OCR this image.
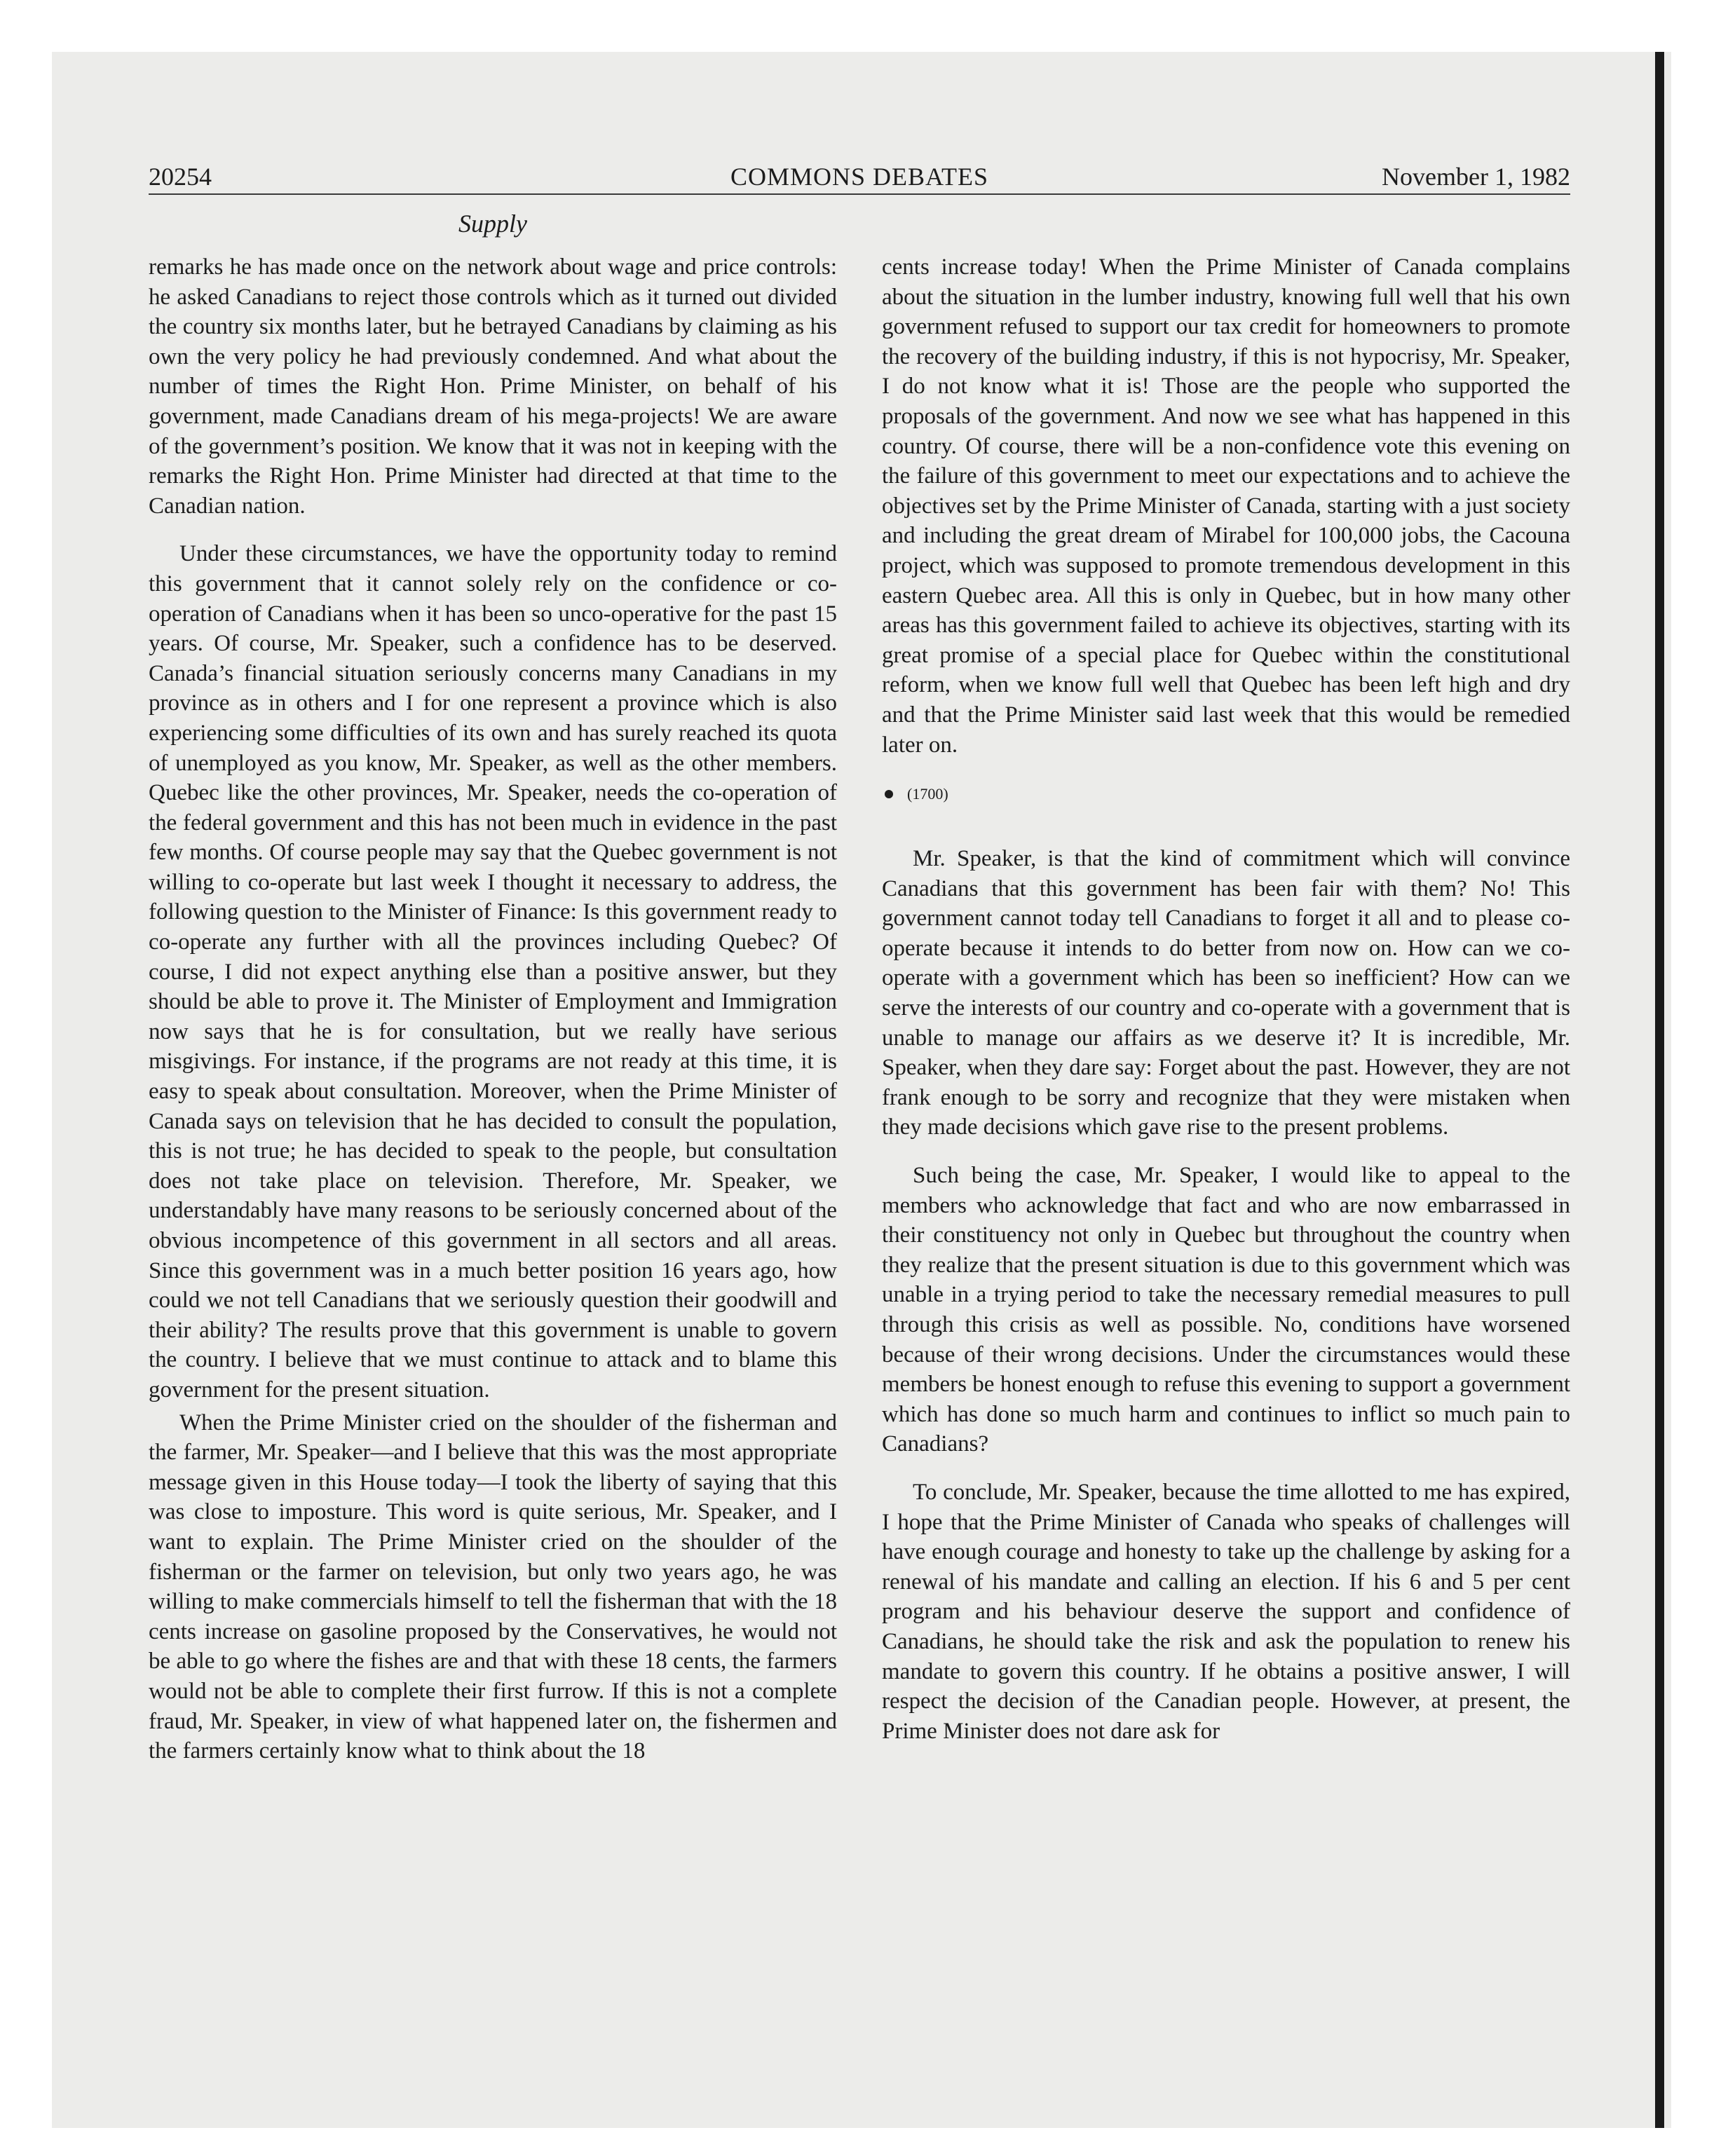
20254	COMMONS DEBATES	November 1, 1982
Supply

remarks he has made once on the network about wage and price controls: he asked Canadians to reject those controls which as it turned out divided the country six months later, but he betrayed Canadians by claiming as his own the very policy he had previously condemned. And what about the number of times the Right Hon. Prime Minister, on behalf of his government, made Canadians dream of his mega-projects! We are aware of the government’s position. We know that it was not in keeping with the remarks the Right Hon. Prime Minister had directed at that time to the Canadian nation.

Under these circumstances, we have the opportunity today to remind this government that it cannot solely rely on the confidence or co-operation of Canadians when it has been so unco-operative for the past 15 years. Of course, Mr. Speaker, such a confidence has to be deserved. Canada’s financial situation seriously concerns many Canadians in my province as in others and I for one represent a province which is also experiencing some difficulties of its own and has surely reached its quota of unemployed as you know, Mr. Speaker, as well as the other members. Quebec like the other provinces, Mr. Speaker, needs the co-operation of the federal government and this has not been much in evidence in the past few months. Of course people may say that the Quebec government is not willing to co-operate but last week I thought it necessary to address, the following question to the Minister of Finance: Is this government ready to co-operate any further with all the provinces including Quebec? Of course, I did not expect anything else than a positive answer, but they should be able to prove it. The Minister of Employment and Immigration now says that he is for consultation, but we really have serious misgivings. For instance, if the programs are not ready at this time, it is easy to speak about consultation. Moreover, when the Prime Minister of Canada says on television that he has decided to consult the population, this is not true; he has decided to speak to the people, but consultation does not take place on television. Therefore, Mr. Speaker, we understandably have many reasons to be seriously concerned about of the obvious incompetence of this government in all sectors and all areas. Since this government was in a much better position 16 years ago, how could we not tell Canadians that we seriously question their goodwill and their ability? The results prove that this government is unable to govern the country. I believe that we must continue to attack and to blame this government for the present situation.

When the Prime Minister cried on the shoulder of the fisherman and the farmer, Mr. Speaker—and I believe that this was the most appropriate message given in this House today—I took the liberty of saying that this was close to imposture. This word is quite serious, Mr. Speaker, and I want to explain. The Prime Minister cried on the shoulder of the fisherman or the farmer on television, but only two years ago, he was willing to make commercials himself to tell the fisherman that with the 18 cents increase on gasoline proposed by the Conservatives, he would not be able to go where the fishes are and that with these 18 cents, the farmers would not be able to complete their first furrow. If this is not a complete fraud, Mr. Speaker, in view of what happened later on, the fishermen and the farmers certainly know what to think about the 18

cents increase today! When the Prime Minister of Canada complains about the situation in the lumber industry, knowing full well that his own government refused to support our tax credit for homeowners to promote the recovery of the building industry, if this is not hypocrisy, Mr. Speaker, I do not know what it is! Those are the people who supported the proposals of the government. And now we see what has happened in this country. Of course, there will be a non-confidence vote this evening on the failure of this government to meet our expectations and to achieve the objectives set by the Prime Minister of Canada, starting with a just society and including the great dream of Mirabel for 100,000 jobs, the Cacouna project, which was supposed to promote tremendous development in this eastern Quebec area. All this is only in Quebec, but in how many other areas has this government failed to achieve its objectives, starting with its great promise of a special place for Quebec within the constitutional reform, when we know full well that Quebec has been left high and dry and that the Prime Minister said last week that this would be remedied later on.

(1700)

Mr. Speaker, is that the kind of commitment which will convince Canadians that this government has been fair with them? No! This government cannot today tell Canadians to forget it all and to please co-operate because it intends to do better from now on. How can we co-operate with a government which has been so inefficient? How can we serve the interests of our country and co-operate with a government that is unable to manage our affairs as we deserve it? It is incredible, Mr. Speaker, when they dare say: Forget about the past. However, they are not frank enough to be sorry and recognize that they were mistaken when they made decisions which gave rise to the present problems.

Such being the case, Mr. Speaker, I would like to appeal to the members who acknowledge that fact and who are now embarrassed in their constituency not only in Quebec but throughout the country when they realize that the present situation is due to this government which was unable in a trying period to take the necessary remedial measures to pull through this crisis as well as possible. No, conditions have worsened because of their wrong decisions. Under the circumstances would these members be honest enough to refuse this evening to support a government which has done so much harm and continues to inflict so much pain to Canadians?

To conclude, Mr. Speaker, because the time allotted to me has expired, I hope that the Prime Minister of Canada who speaks of challenges will have enough courage and honesty to take up the challenge by asking for a renewal of his mandate and calling an election. If his 6 and 5 per cent program and his behaviour deserve the support and confidence of Canadians, he should take the risk and ask the population to renew his mandate to govern this country. If he obtains a positive answer, I will respect the decision of the Canadian people. However, at present, the Prime Minister does not dare ask for
